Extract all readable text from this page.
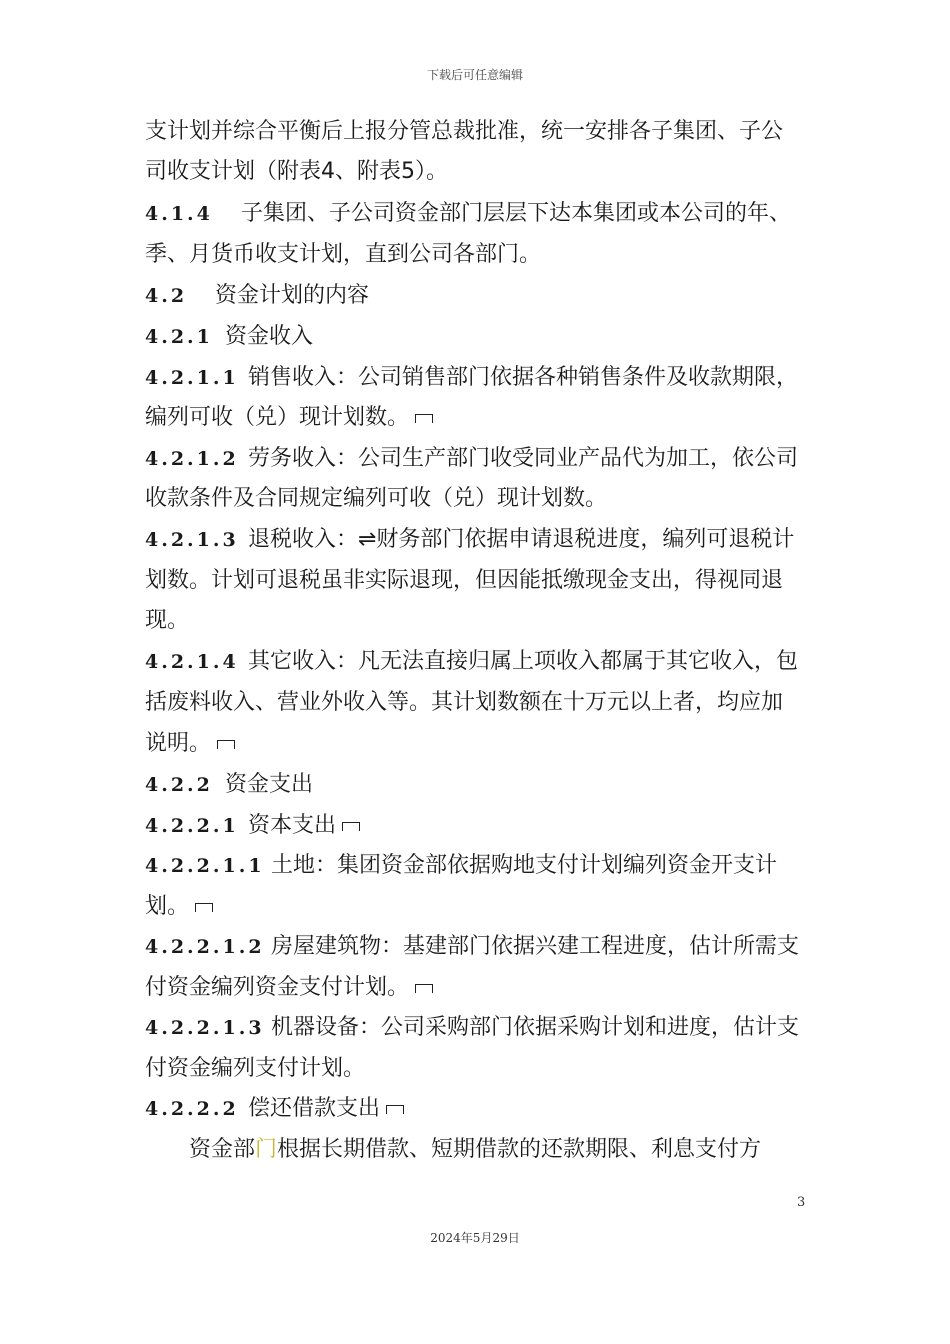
下载后可任意编辑
支计划并综合平衡后上报分管总裁批准，统一安排各子集团、子公
司收支计划（附表4、附表5）。
4.1.4 子集团、子公司资金部门层层下达本集团或本公司的年、
季、月货币收支计划，直到公司各部门。
4.2 资金计划的内容
4.2.1 资金收入
4.2.1.1 销售收入：公司销售部门依据各种销售条件及收款期限，
编列可收（兑）现计划数。
4.2.1.2 劳务收入：公司生产部门收受同业产品代为加工，依公司
收款条件及合同规定编列可收（兑）现计划数。
4.2.1.3 退税收入：⇌财务部门依据申请退税进度，编列可退税计
划数。计划可退税虽非实际退现，但因能抵缴现金支出，得视同退
现。
4.2.1.4 其它收入：凡无法直接归属上项收入都属于其它收入，包
括废料收入、营业外收入等。其计划数额在十万元以上者，均应加
说明。
4.2.2 资金支出
4.2.2.1 资本支出
4.2.2.1.1 土地：集团资金部依据购地支付计划编列资金开支计
划。
4.2.2.1.2 房屋建筑物：基建部门依据兴建工程进度，估计所需支
付资金编列资金支付计划。
4.2.2.1.3 机器设备：公司采购部门依据采购计划和进度，估计支
付资金编列支付计划。
4.2.2.2 偿还借款支出
资金部门根据长期借款、短期借款的还款期限、利息支付方
3
2024年5月29日
